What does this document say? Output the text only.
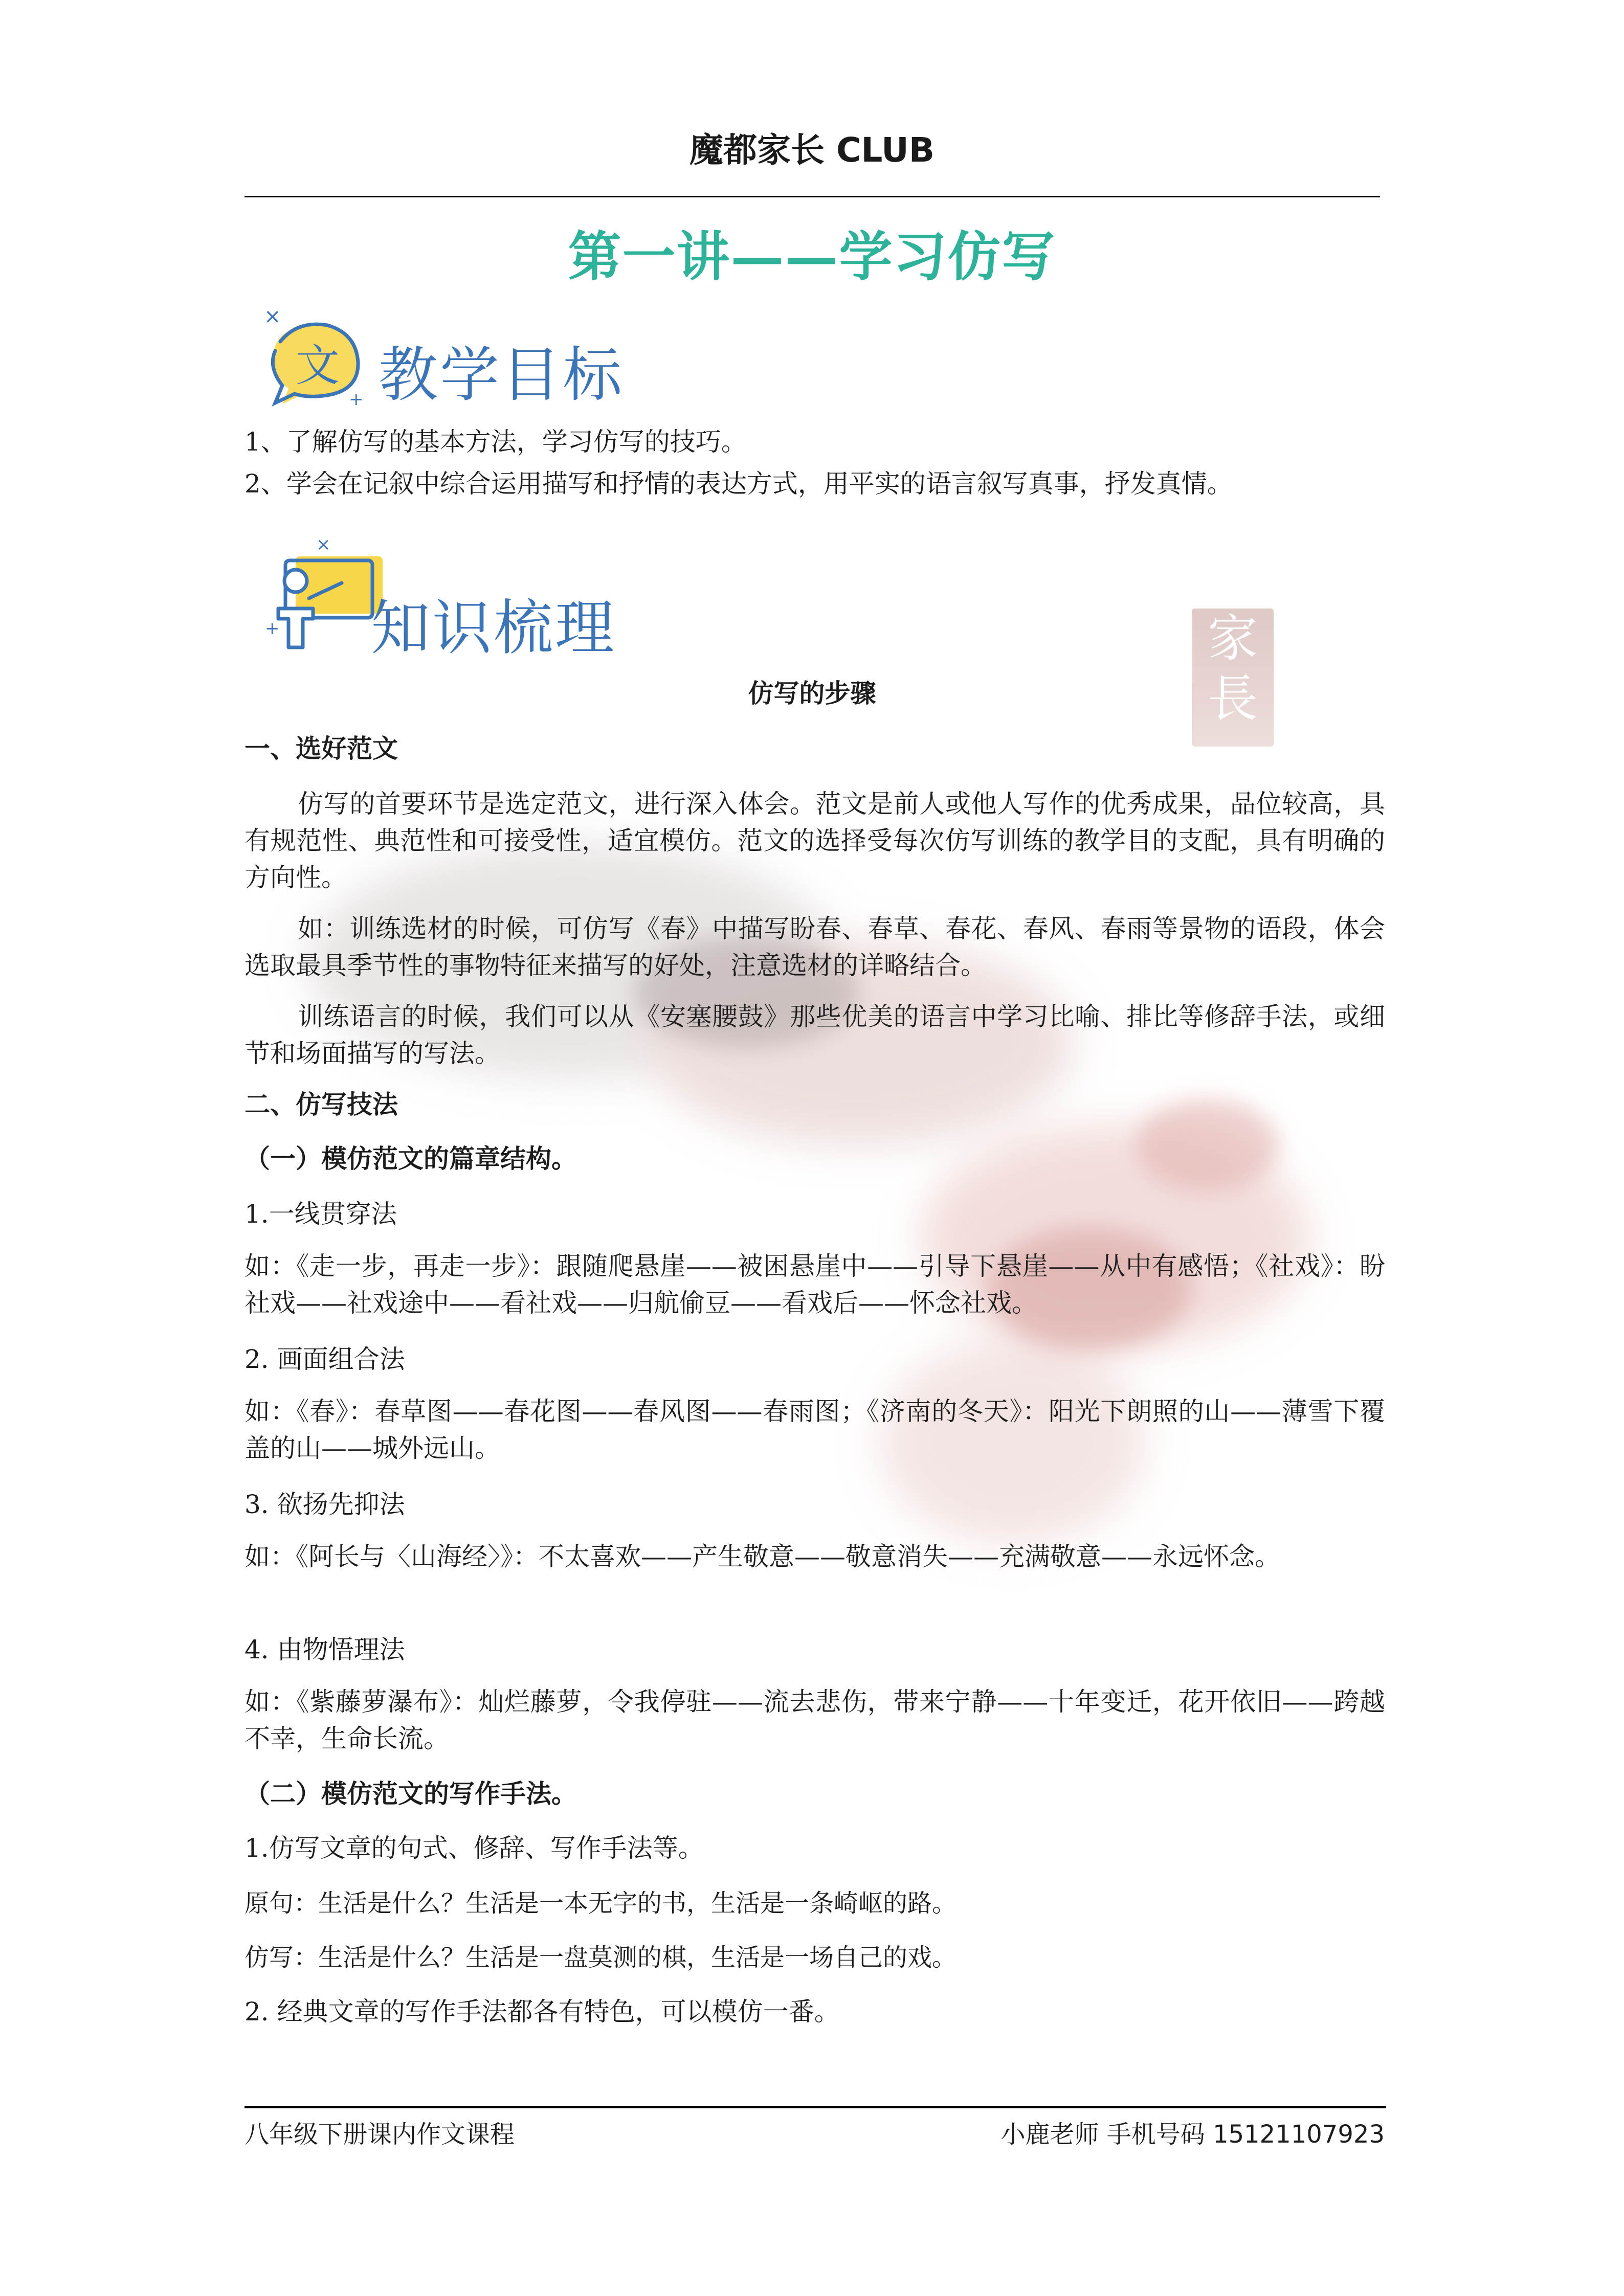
家
長
魔都家长 CLUB
第一讲——学习仿写
×
+
文 教学目标
1、了解仿写的基本方法，学习仿写的技巧。
2、学会在记叙中综合运用描写和抒情的表达方式，用平实的语言叙写真事，抒发真情。
×
+ 知识梳理
仿写的步骤
一、选好范文
仿写的首要环节是选定范文，进行深入体会。范文是前人或他人写作的优秀成果，品位较高，具有规范性、典范性和可接受性，适宜模仿。范文的选择受每次仿写训练的教学目的支配，具有明确的方向性。
如：训练选材的时候，可仿写《春》中描写盼春、春草、春花、春风、春雨等景物的语段，体会选取最具季节性的事物特征来描写的好处，注意选材的详略结合。
训练语言的时候，我们可以从《安塞腰鼓》那些优美的语言中学习比喻、排比等修辞手法，或细节和场面描写的写法。
二、仿写技法
（一）模仿范文的篇章结构。
1.一线贯穿法
如：《走一步，再走一步》：跟随爬悬崖——被困悬崖中——引导下悬崖——从中有感悟；《社戏》：盼社戏——社戏途中——看社戏——归航偷豆——看戏后——怀念社戏。
2. 画面组合法
如：《春》：春草图——春花图——春风图——春雨图；《济南的冬天》：阳光下朗照的山——薄雪下覆盖的山——城外远山。
3. 欲扬先抑法
如：《阿长与〈山海经〉》：不太喜欢——产生敬意——敬意消失——充满敬意——永远怀念。
4. 由物悟理法
如：《紫藤萝瀑布》：灿烂藤萝，令我停驻——流去悲伤，带来宁静——十年变迁，花开依旧——跨越不幸，生命长流。
（二）模仿范文的写作手法。
1.仿写文章的句式、修辞、写作手法等。
原句：生活是什么？生活是一本无字的书，生活是一条崎岖的路。
仿写：生活是什么？生活是一盘莫测的棋，生活是一场自己的戏。
2. 经典文章的写作手法都各有特色，可以模仿一番。
八年级下册课内作文课程	小鹿老师 手机号码 15121107923
